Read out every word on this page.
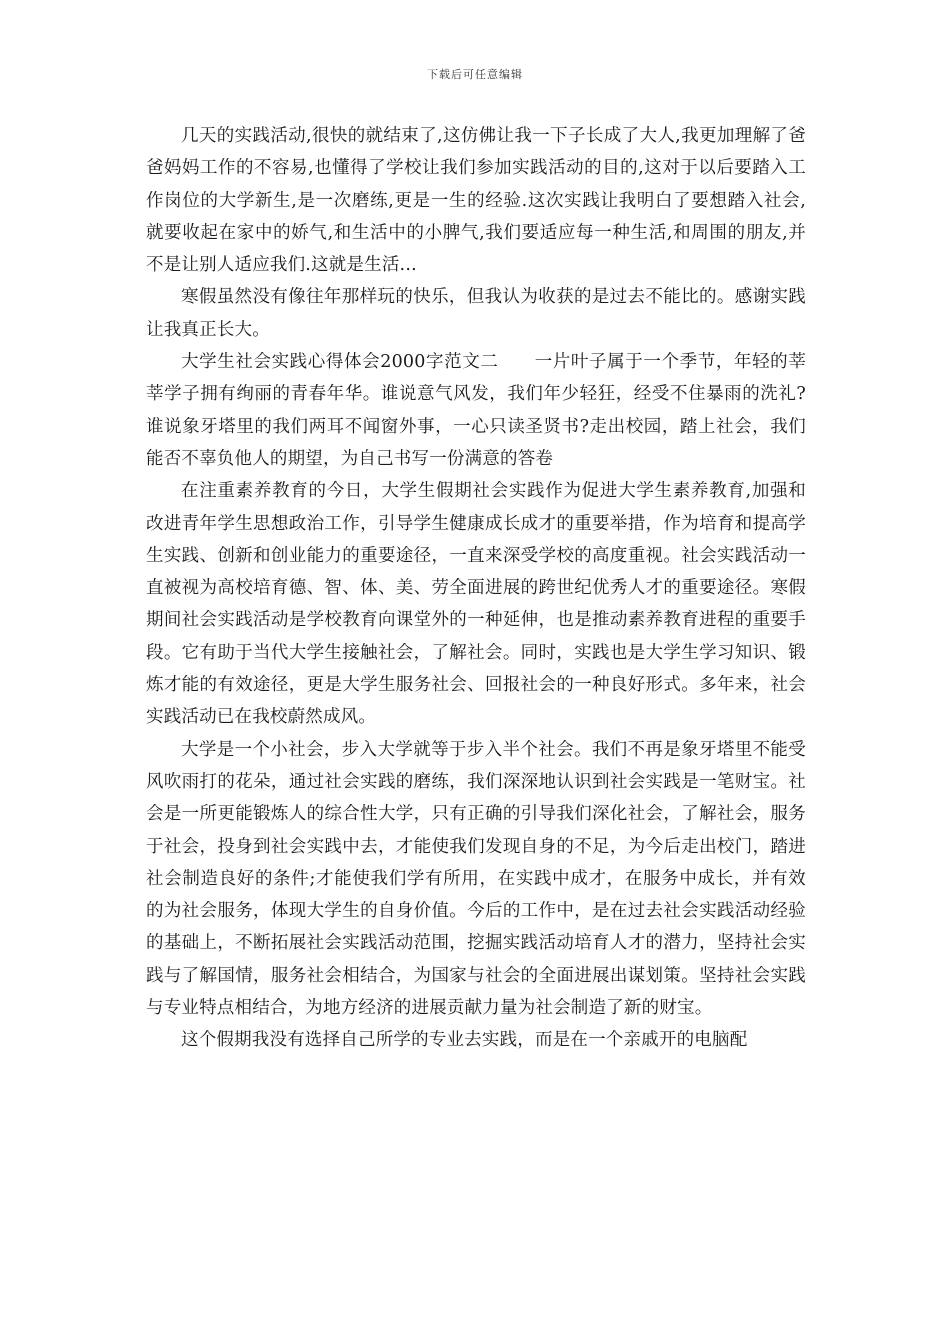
下载后可任意编辑

几天的实践活动,很快的就结束了,这仿佛让我一下子长成了大人,我更加理解了爸爸妈妈工作的不容易,也懂得了学校让我们参加实践活动的目的,这对于以后要踏入工作岗位的大学新生,是一次磨练,更是一生的经验.这次实践让我明白了要想踏入社会,就要收起在家中的娇气,和生活中的小脾气,我们要适应每一种生活,和周围的朋友,并不是让别人适应我们.这就是生活...

寒假虽然没有像往年那样玩的快乐，但我认为收获的是过去不能比的。感谢实践让我真正长大。

大学生社会实践心得体会2000字范文二　　一片叶子属于一个季节，年轻的莘莘学子拥有绚丽的青春年华。谁说意气风发，我们年少轻狂，经受不住暴雨的洗礼?谁说象牙塔里的我们两耳不闻窗外事，一心只读圣贤书?走出校园，踏上社会，我们能否不辜负他人的期望，为自己书写一份满意的答卷

在注重素养教育的今日，大学生假期社会实践作为促进大学生素养教育,加强和改进青年学生思想政治工作，引导学生健康成长成才的重要举措，作为培育和提高学生实践、创新和创业能力的重要途径，一直来深受学校的高度重视。社会实践活动一直被视为高校培育德、智、体、美、劳全面进展的跨世纪优秀人才的重要途径。寒假期间社会实践活动是学校教育向课堂外的一种延伸，也是推动素养教育进程的重要手段。它有助于当代大学生接触社会，了解社会。同时，实践也是大学生学习知识、锻炼才能的有效途径，更是大学生服务社会、回报社会的一种良好形式。多年来，社会实践活动已在我校蔚然成风。

大学是一个小社会，步入大学就等于步入半个社会。我们不再是象牙塔里不能受风吹雨打的花朵，通过社会实践的磨练，我们深深地认识到社会实践是一笔财宝。社会是一所更能锻炼人的综合性大学，只有正确的引导我们深化社会，了解社会，服务于社会，投身到社会实践中去，才能使我们发现自身的不足，为今后走出校门，踏进社会制造良好的条件;才能使我们学有所用，在实践中成才，在服务中成长，并有效的为社会服务，体现大学生的自身价值。今后的工作中，是在过去社会实践活动经验的基础上，不断拓展社会实践活动范围，挖掘实践活动培育人才的潜力，坚持社会实践与了解国情，服务社会相结合，为国家与社会的全面进展出谋划策。坚持社会实践与专业特点相结合，为地方经济的进展贡献力量为社会制造了新的财宝。

这个假期我没有选择自己所学的专业去实践，而是在一个亲戚开的电脑配
